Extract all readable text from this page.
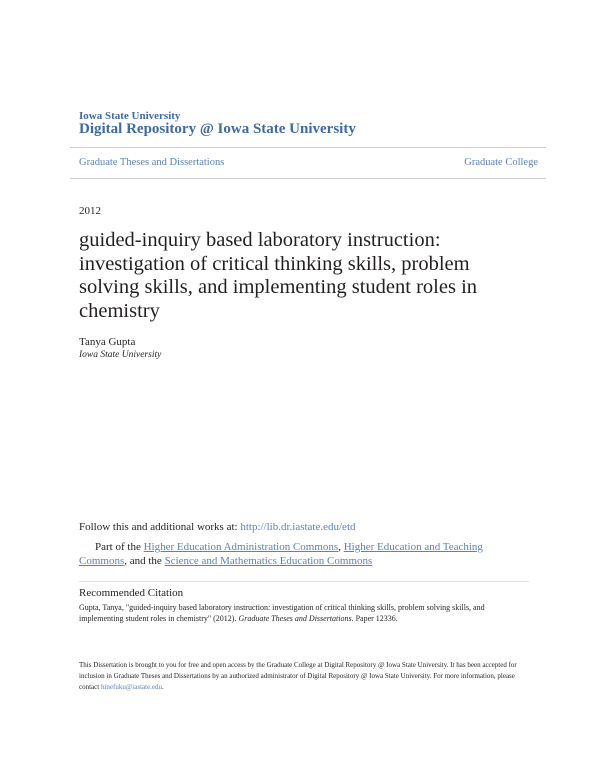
Iowa State University
Digital Repository @ Iowa State University
Graduate Theses and Dissertations	Graduate College
2012
guided-inquiry based laboratory instruction: investigation of critical thinking skills, problem solving skills, and implementing student roles in chemistry
Tanya Gupta
Iowa State University
Follow this and additional works at: http://lib.dr.iastate.edu/etd
Part of the Higher Education Administration Commons, Higher Education and Teaching Commons, and the Science and Mathematics Education Commons
Recommended Citation
Gupta, Tanya, "guided-inquiry based laboratory instruction: investigation of critical thinking skills, problem solving skills, and implementing student roles in chemistry" (2012). Graduate Theses and Dissertations. Paper 12336.
This Dissertation is brought to you for free and open access by the Graduate College at Digital Repository @ Iowa State University. It has been accepted for inclusion in Graduate Theses and Dissertations by an authorized administrator of Digital Repository @ Iowa State University. For more information, please contact hinefuku@iastate.edu.
